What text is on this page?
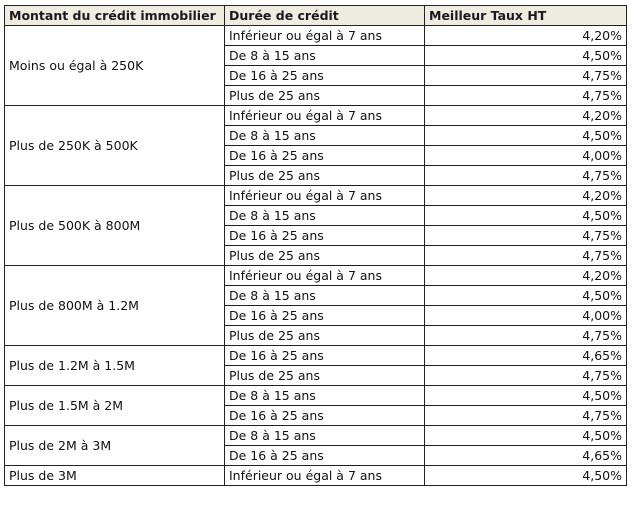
Montant du crédit immobilier	Durée de crédit	Meilleur Taux HT
Moins ou égal à 250K	Inférieur ou égal à 7 ans	4,20%
	De 8 à 15 ans	4,50%
	De 16 à 25 ans	4,75%
	Plus de 25 ans	4,75%
Plus de 250K à 500K	Inférieur ou égal à 7 ans	4,20%
	De 8 à 15 ans	4,50%
	De 16 à 25 ans	4,00%
	Plus de 25 ans	4,75%
Plus de 500K à 800M	Inférieur ou égal à 7 ans	4,20%
	De 8 à 15 ans	4,50%
	De 16 à 25 ans	4,75%
	Plus de 25 ans	4,75%
Plus de 800M à 1.2M	Inférieur ou égal à 7 ans	4,20%
	De 8 à 15 ans	4,50%
	De 16 à 25 ans	4,00%
	Plus de 25 ans	4,75%
Plus de 1.2M à 1.5M	De 16 à 25 ans	4,65%
	Plus de 25 ans	4,75%
Plus de 1.5M à 2M	De 8 à 15 ans	4,50%
	De 16 à 25 ans	4,75%
Plus de 2M à 3M	De 8 à 15 ans	4,50%
	De 16 à 25 ans	4,65%
Plus de 3M	Inférieur ou égal à 7 ans	4,50%
